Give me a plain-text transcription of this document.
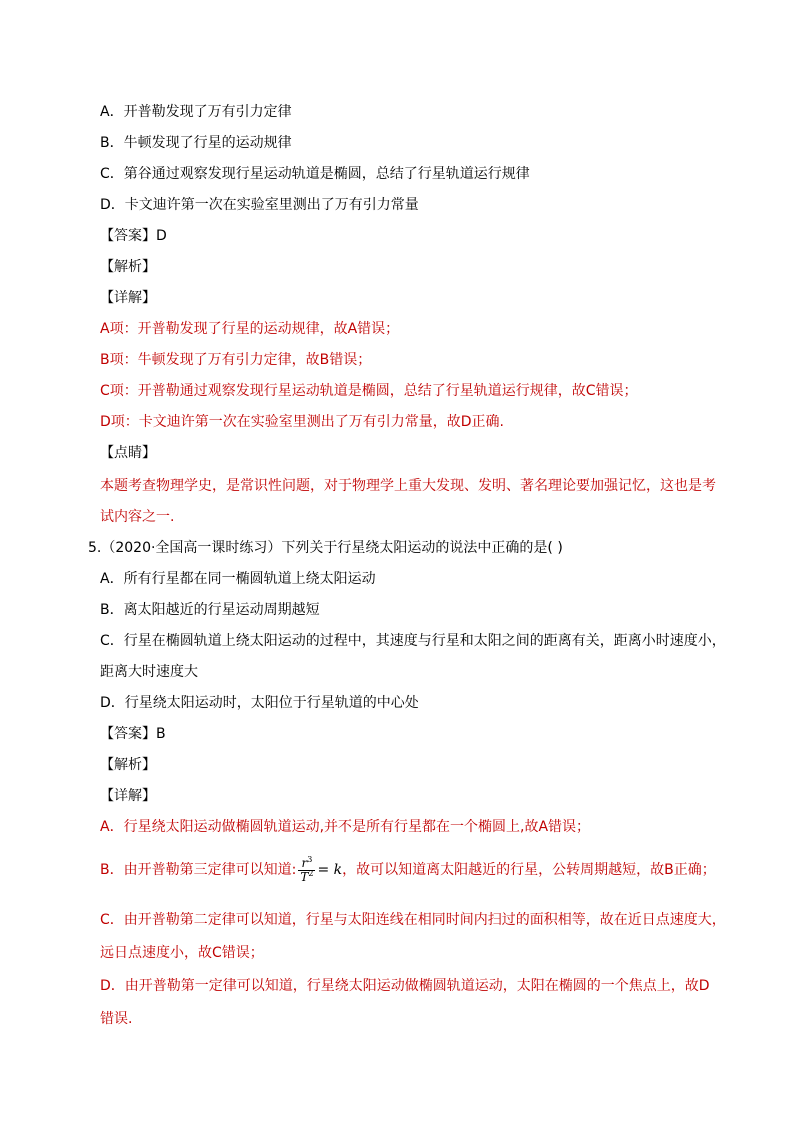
A．开普勒发现了万有引力定律
B．牛顿发现了行星的运动规律
C．第谷通过观察发现行星运动轨道是椭圆，总结了行星轨道运行规律
D．卡文迪许第一次在实验室里测出了万有引力常量
【答案】D
【解析】
【详解】
A项：开普勒发现了行星的运动规律，故A错误；
B项：牛顿发现了万有引力定律，故B错误；
C项：开普勒通过观察发现行星运动轨道是椭圆，总结了行星轨道运行规律，故C错误；
D项：卡文迪许第一次在实验室里测出了万有引力常量，故D正确.
【点睛】
本题考查物理学史，是常识性问题，对于物理学上重大发现、发明、著名理论要加强记忆，这也是考
试内容之一.
5.（2020·全国高一课时练习）下列关于行星绕太阳运动的说法中正确的是( )
A．所有行星都在同一椭圆轨道上绕太阳运动
B．离太阳越近的行星运动周期越短
C．行星在椭圆轨道上绕太阳运动的过程中，其速度与行星和太阳之间的距离有关，距离小时速度小，
距离大时速度大
D．行星绕太阳运动时，太阳位于行星轨道的中心处
【答案】B
【解析】
【详解】
A．行星绕太阳运动做椭圆轨道运动,并不是所有行星都在一个椭圆上,故A错误；
B．由开普勒第三定律可以知道: $\frac{r^3}{T^2} = k$，故可以知道离太阳越近的行星，公转周期越短，故B正确；
C．由开普勒第二定律可以知道，行星与太阳连线在相同时间内扫过的面积相等，故在近日点速度大，
远日点速度小，故C错误；
D．由开普勒第一定律可以知道，行星绕太阳运动做椭圆轨道运动，太阳在椭圆的一个焦点上，故D
错误.
